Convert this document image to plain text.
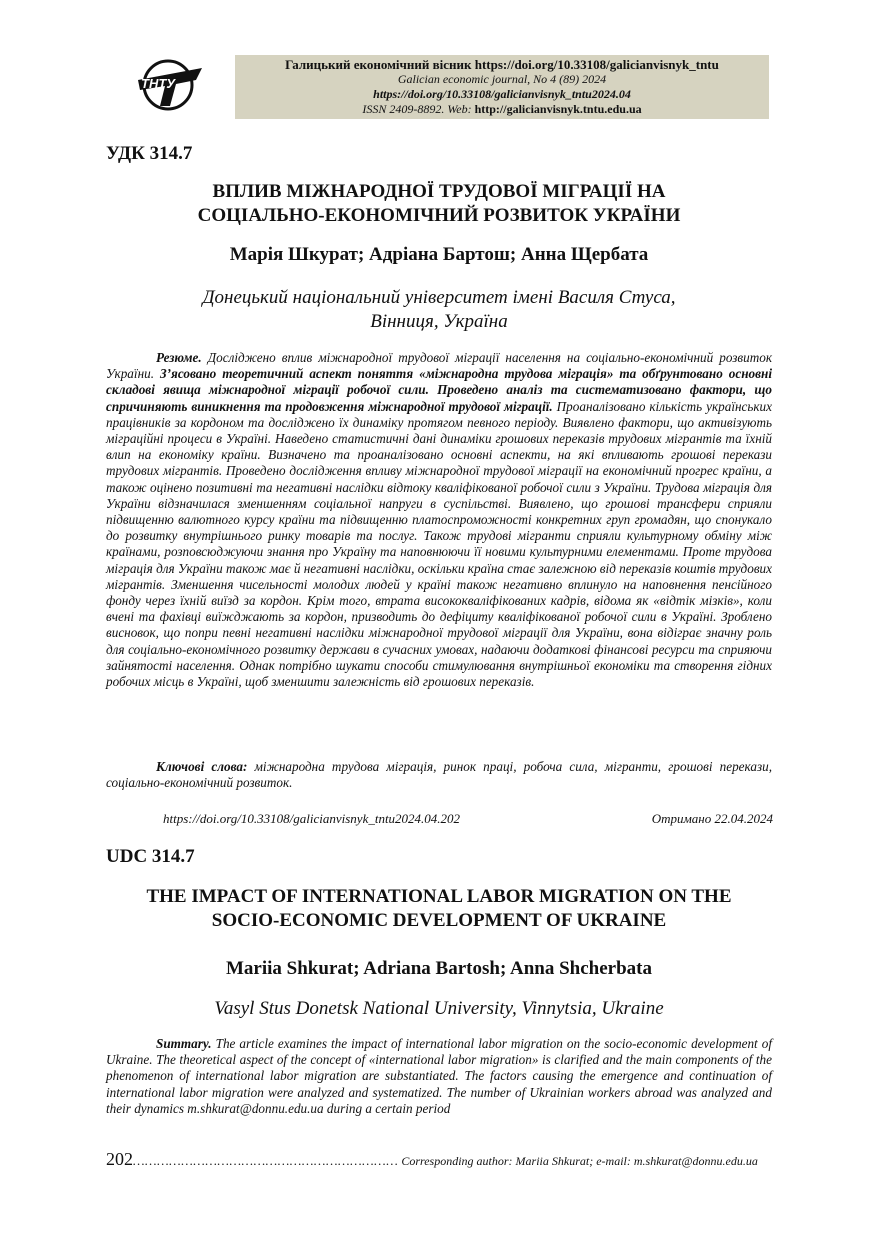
ТНТУ
Галицький економічний вісник https://doi.org/10.33108/galicianvisnyk_tntu
Galician economic journal, No 4 (89) 2024
https://doi.org/10.33108/galicianvisnyk_tntu2024.04
ISSN 2409-8892. Web: http://galicianvisnyk.tntu.edu.ua
УДК 314.7
ВПЛИВ МІЖНАРОДНОЇ ТРУДОВОЇ МІГРАЦІЇ НА
СОЦІАЛЬНО-ЕКОНОМІЧНИЙ РОЗВИТОК УКРАЇНИ
Марія Шкурат; Адріана Бартош; Анна Щербата
Донецький національний університет імені Василя Стуса,
Вінниця, Україна
Резюме. Досліджено вплив міжнародної трудової міграції населення на соціально-економічний розвиток України. З’ясовано теоретичний аспект поняття «міжнародна трудова міграція» та обґрунтовано основні складові явища міжнародної міграції робочої сили. Проведено аналіз та систематизовано фактори, що спричиняють виникнення та продовження міжнародної трудової міграції. Проаналізовано кількість українських працівників за кордоном та досліджено їх динаміку протягом певного періоду. Виявлено фактори, що активізують міграційні процеси в Україні. Наведено статистичні дані динаміки грошових переказів трудових мігрантів та їхній влип на економіку країни. Визначено та проаналізовано основні аспекти, на які впливають грошові перекази трудових мігрантів. Проведено дослідження впливу міжнародної трудової міграції на економічний прогрес країни, а також оцінено позитивні та негативні наслідки відтоку кваліфікованої робочої сили з України. Трудова міграція для України відзначилася зменшенням соціальної напруги в суспільстві. Виявлено, що грошові трансфери сприяли підвищенню валютного курсу країни та підвищенню платоспроможності конкретних груп громадян, що спонукало до розвитку внутрішнього ринку товарів та послуг. Також трудові мігранти сприяли культурному обміну між країнами, розповсюджуючи знання про Україну та наповнюючи її новими культурними елементами. Проте трудова міграція для України також має й негативні наслідки, оскільки країна стає залежною від переказів коштів трудових мігрантів. Зменшення чисельності молодих людей у країні також негативно вплинуло на наповнення пенсійного фонду через їхній виїзд за кордон. Крім того, втрата висококваліфікованих кадрів, відома як «відтік мізків», коли вчені та фахівці виїжджають за кордон, призводить до дефіциту кваліфікованої робочої сили в Україні. Зроблено висновок, що попри певні негативні наслідки міжнародної трудової міграції для України, вона відіграє значну роль для соціально-економічного розвитку держави в сучасних умовах, надаючи додаткові фінансові ресурси та сприяючи зайнятості населення. Однак потрібно шукати способи стимулювання внутрішньої економіки та створення гідних робочих місць в Україні, щоб зменшити залежність від грошових переказів.
Ключові слова: міжнародна трудова міграція, ринок праці, робоча сила, мігранти, грошові перекази, соціально-економічний розвиток.
https://doi.org/10.33108/galicianvisnyk_tntu2024.04.202	Отримано 22.04.2024
UDC 314.7
THE IMPACT OF INTERNATIONAL LABOR MIGRATION ON THE
SOCIO-ECONOMIC DEVELOPMENT OF UKRAINE
Mariia Shkurat; Adriana Bartosh; Anna Shcherbata
Vasyl Stus Donetsk National University, Vinnytsia, Ukraine
Summary. The article examines the impact of international labor migration on the socio-economic development of Ukraine. The theoretical aspect of the concept of «international labor migration» is clarified and the main components of the phenomenon of international labor migration are substantiated. The factors causing the emergence and continuation of international labor migration were analyzed and systematized. The number of Ukrainian workers abroad was analyzed and their dynamics m.shkurat@donnu.edu.ua during a certain period
202………………………………………………………… Corresponding author: Mariia Shkurat; e-mail: m.shkurat@donnu.edu.ua
